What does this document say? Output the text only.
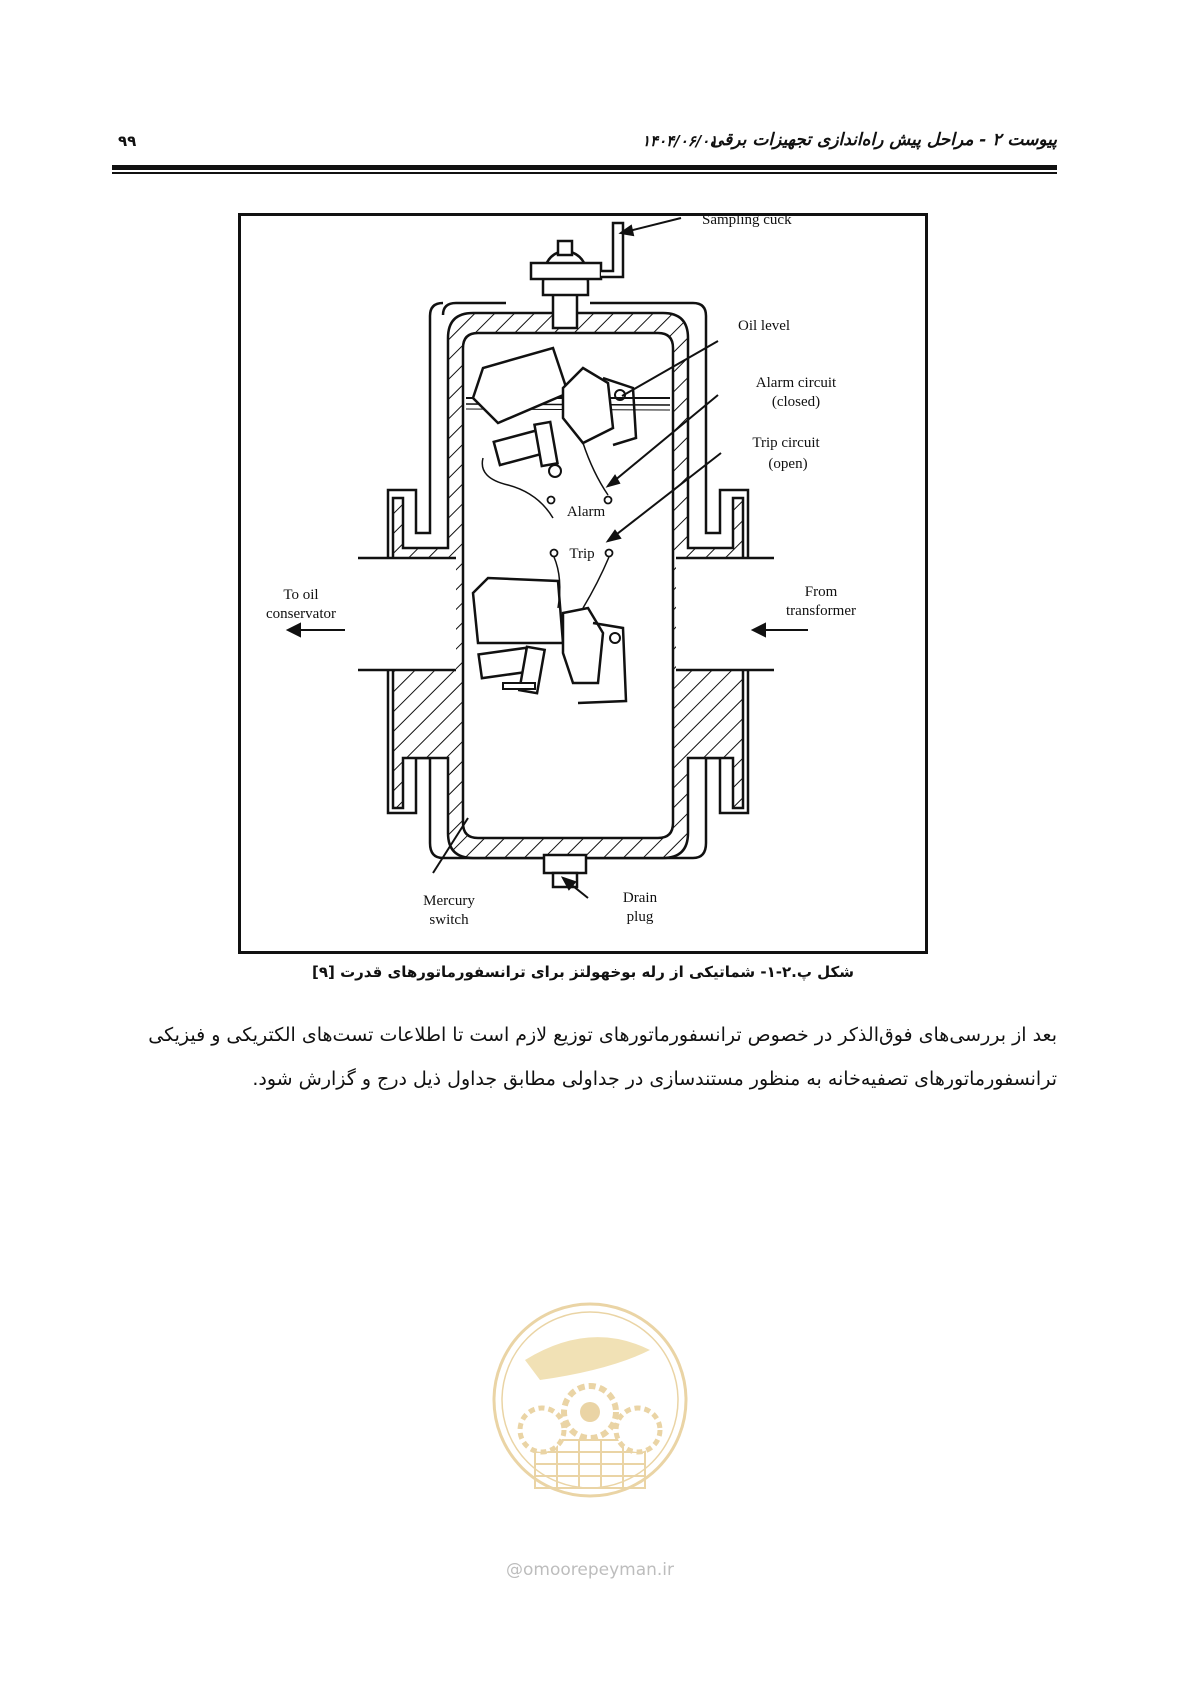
۹۹	۱۴۰۴/۰۶/۰۱
پیوست ۲ - مراحل پیش راه‌اندازی تجهیزات برقی
Sampling cuck
Oil level
Alarm circuit
(closed)
Trip circuit
(open)
Alarm
Trip
To oil
conservator
From
transformer
Mercury
switch
Drain
plug
شکل پ.۲-۱- شماتیکی از رله بوخهولتز برای ترانسفورماتورهای قدرت [۹]

بعد از بررسی‌های فوق‌الذکر در خصوص ترانسفورماتورهای توزیع لازم است تا اطلاعات تست‌های الکتریکی و فیزیکی

ترانسفورماتورهای تصفیه‌خانه به منظور مستندسازی در جداولی مطابق جداول ذیل درج و گزارش شود.

@omoorepeyman.ir
